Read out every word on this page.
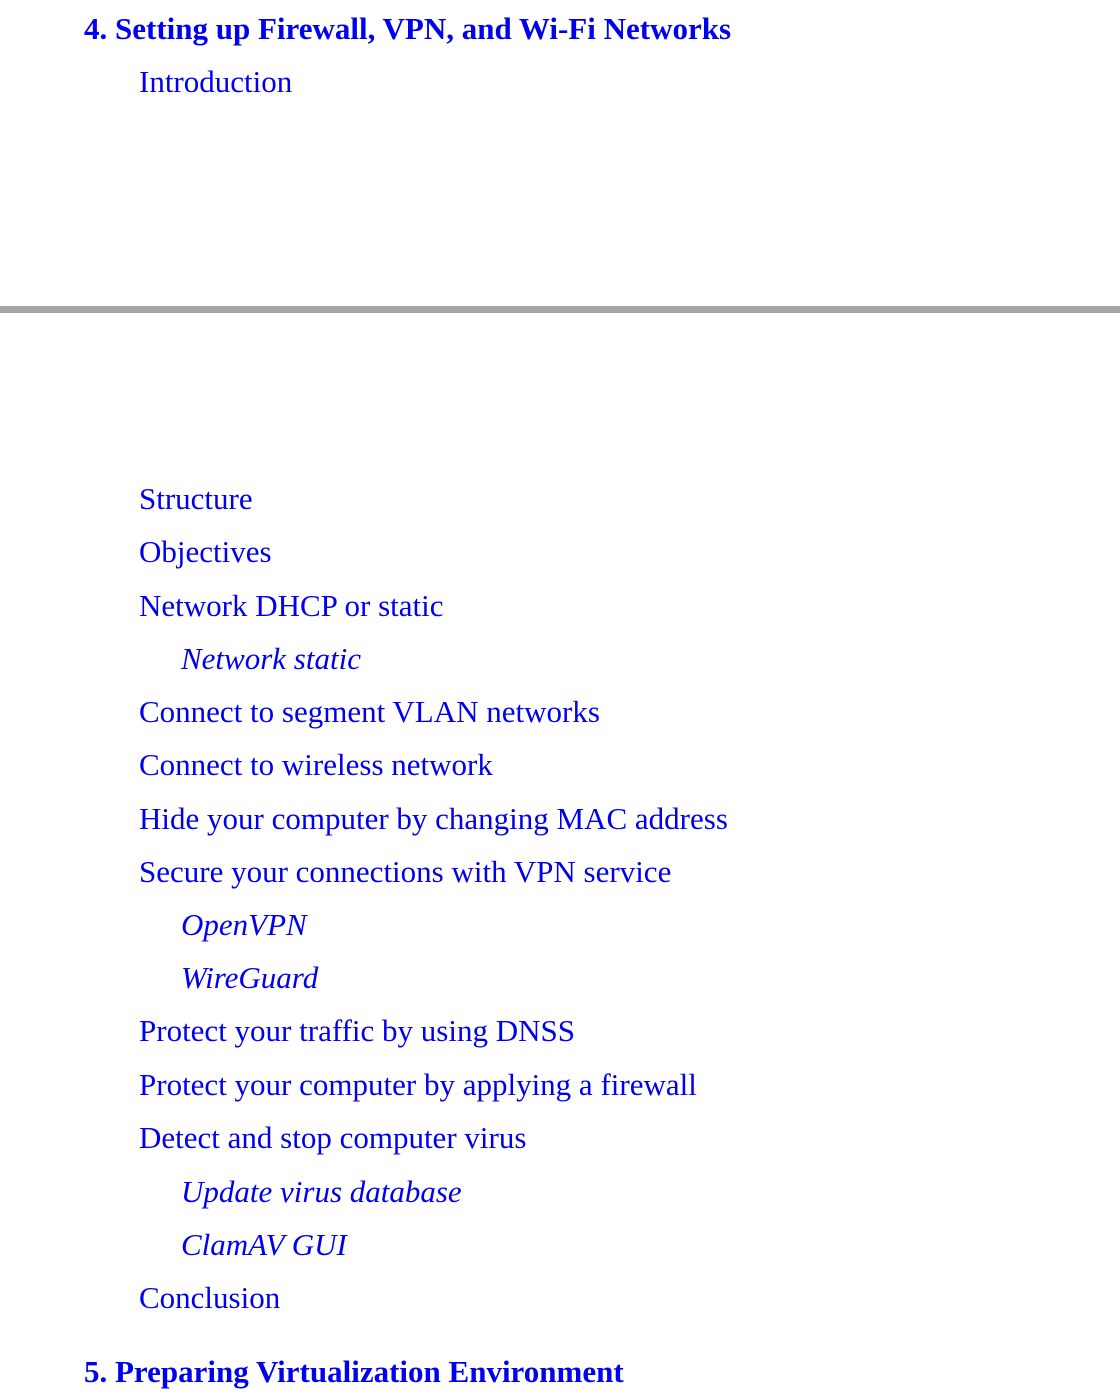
4. Setting up Firewall, VPN, and Wi-Fi Networks
Introduction
Structure
Objectives
Network DHCP or static
Network static
Connect to segment VLAN networks
Connect to wireless network
Hide your computer by changing MAC address
Secure your connections with VPN service
OpenVPN
WireGuard
Protect your traffic by using DNSS
Protect your computer by applying a firewall
Detect and stop computer virus
Update virus database
ClamAV GUI
Conclusion
5. Preparing Virtualization Environment
